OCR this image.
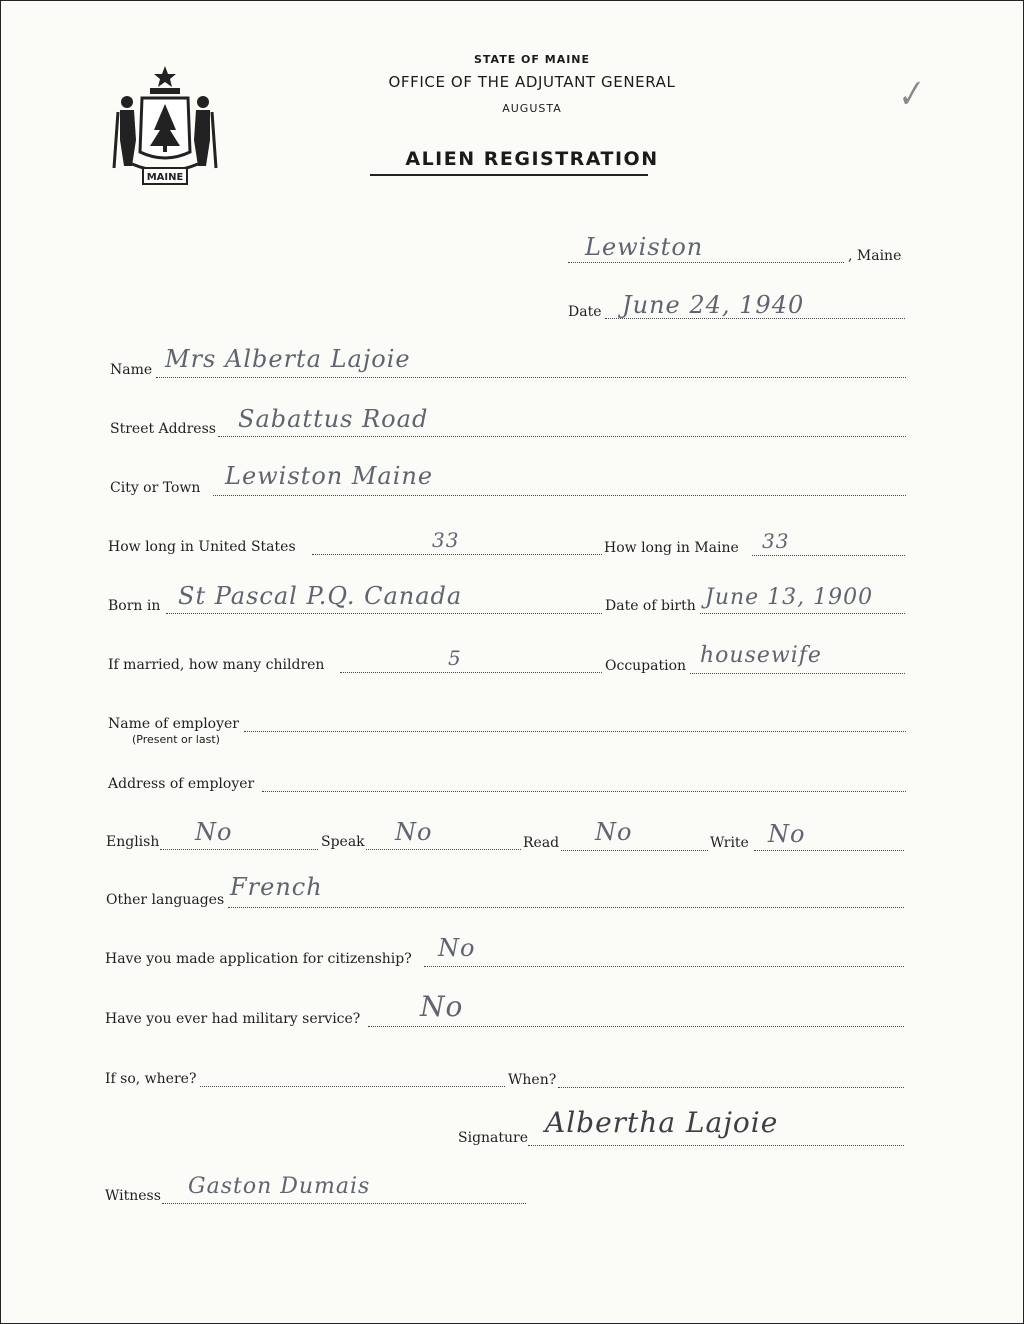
MAINE
STATE OF MAINE
OFFICE OF THE ADJUTANT GENERAL
AUGUSTA
ALIEN REGISTRATION
✓
Lewiston	, Maine
Date June 24, 1940
Name Mrs Alberta Lajoie
Street Address Sabattus Road
City or Town Lewiston Maine
How long in United States	33	How long in Maine 33
Born in St Pascal P.Q. Canada	Date of birth June 13, 1900
If married, how many children	5	Occupation housewife
Name of employer
(Present or last)
Address of employer
English No	Speak No	Read No	Write No
Other languages French
Have you made application for citizenship? No
Have you ever had military service? No
If so, where?	When?
Signature Albertha Lajoie
Witness Gaston Dumais
